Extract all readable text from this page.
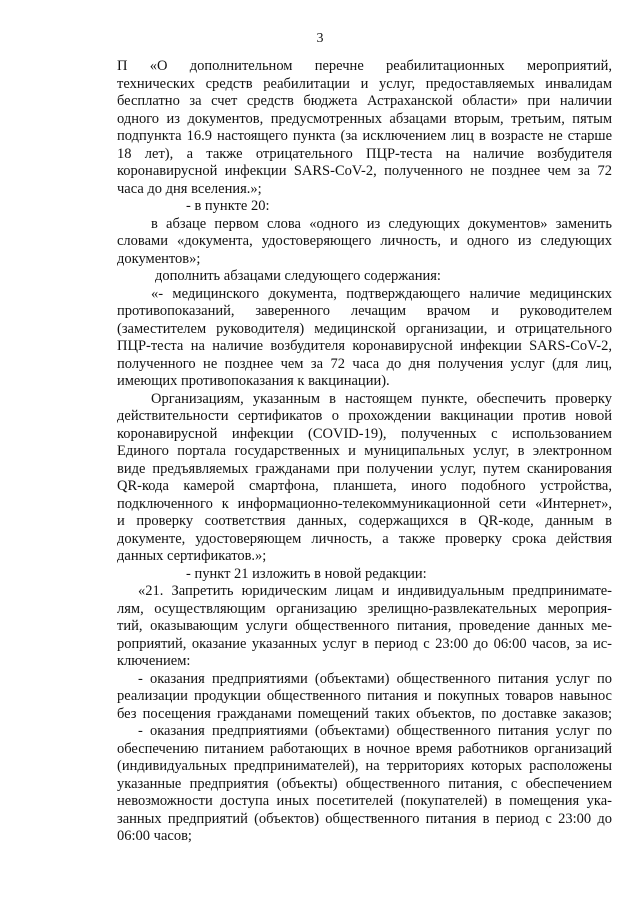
3
П «О дополнительном перечне реабилитационных мероприятий,
технических средств реабилитации и услуг, предоставляемых инвалидам
бесплатно за счет средств бюджета Астраханской области» при наличии
одного из документов, предусмотренных абзацами вторым, третьим, пятым
подпункта 16.9 настоящего пункта (за исключением лиц в возрасте не старше
18 лет), а также отрицательного ПЦР-теста на наличие возбудителя
коронавирусной инфекции SARS-CoV-2, полученного не позднее чем за 72
часа до дня вселения.»;
- в пункте 20:
в абзаце первом слова «одного из следующих документов» заменить
словами «документа, удостоверяющего личность, и одного из следующих
документов»;
дополнить абзацами следующего содержания:
«- медицинского документа, подтверждающего наличие медицинских
противопоказаний, заверенного лечащим врачом и руководителем
(заместителем руководителя) медицинской организации, и отрицательного
ПЦР-теста на наличие возбудителя коронавирусной инфекции SARS-CoV-2,
полученного не позднее чем за 72 часа до дня получения услуг (для лиц,
имеющих противопоказания к вакцинации).
Организациям, указанным в настоящем пункте, обеспечить проверку
действительности сертификатов о прохождении вакцинации против новой
коронавирусной инфекции (COVID-19), полученных с использованием
Единого портала государственных и муниципальных услуг, в электронном
виде предъявляемых гражданами при получении услуг, путем сканирования
QR-кода камерой смартфона, планшета, иного подобного устройства,
подключенного к информационно-телекоммуникационной сети «Интернет»,
и проверку соответствия данных, содержащихся в QR-коде, данным в
документе, удостоверяющем личность, а также проверку срока действия
данных сертификатов.»;
- пункт 21 изложить в новой редакции:
«21. Запретить юридическим лицам и индивидуальным предпринимате-
лям, осуществляющим организацию зрелищно-развлекательных мероприя-
тий, оказывающим услуги общественного питания, проведение данных ме-
роприятий, оказание указанных услуг в период с 23:00 до 06:00 часов, за ис-
ключением:
- оказания предприятиями (объектами) общественного питания услуг по
реализации продукции общественного питания и покупных товаров навынос
без посещения гражданами помещений таких объектов, по доставке заказов;
- оказания предприятиями (объектами) общественного питания услуг по
обеспечению питанием работающих в ночное время работников организаций
(индивидуальных предпринимателей), на территориях которых расположены
указанные предприятия (объекты) общественного питания, с обеспечением
невозможности доступа иных посетителей (покупателей) в помещения ука-
занных предприятий (объектов) общественного питания в период с 23:00 до
06:00 часов;
